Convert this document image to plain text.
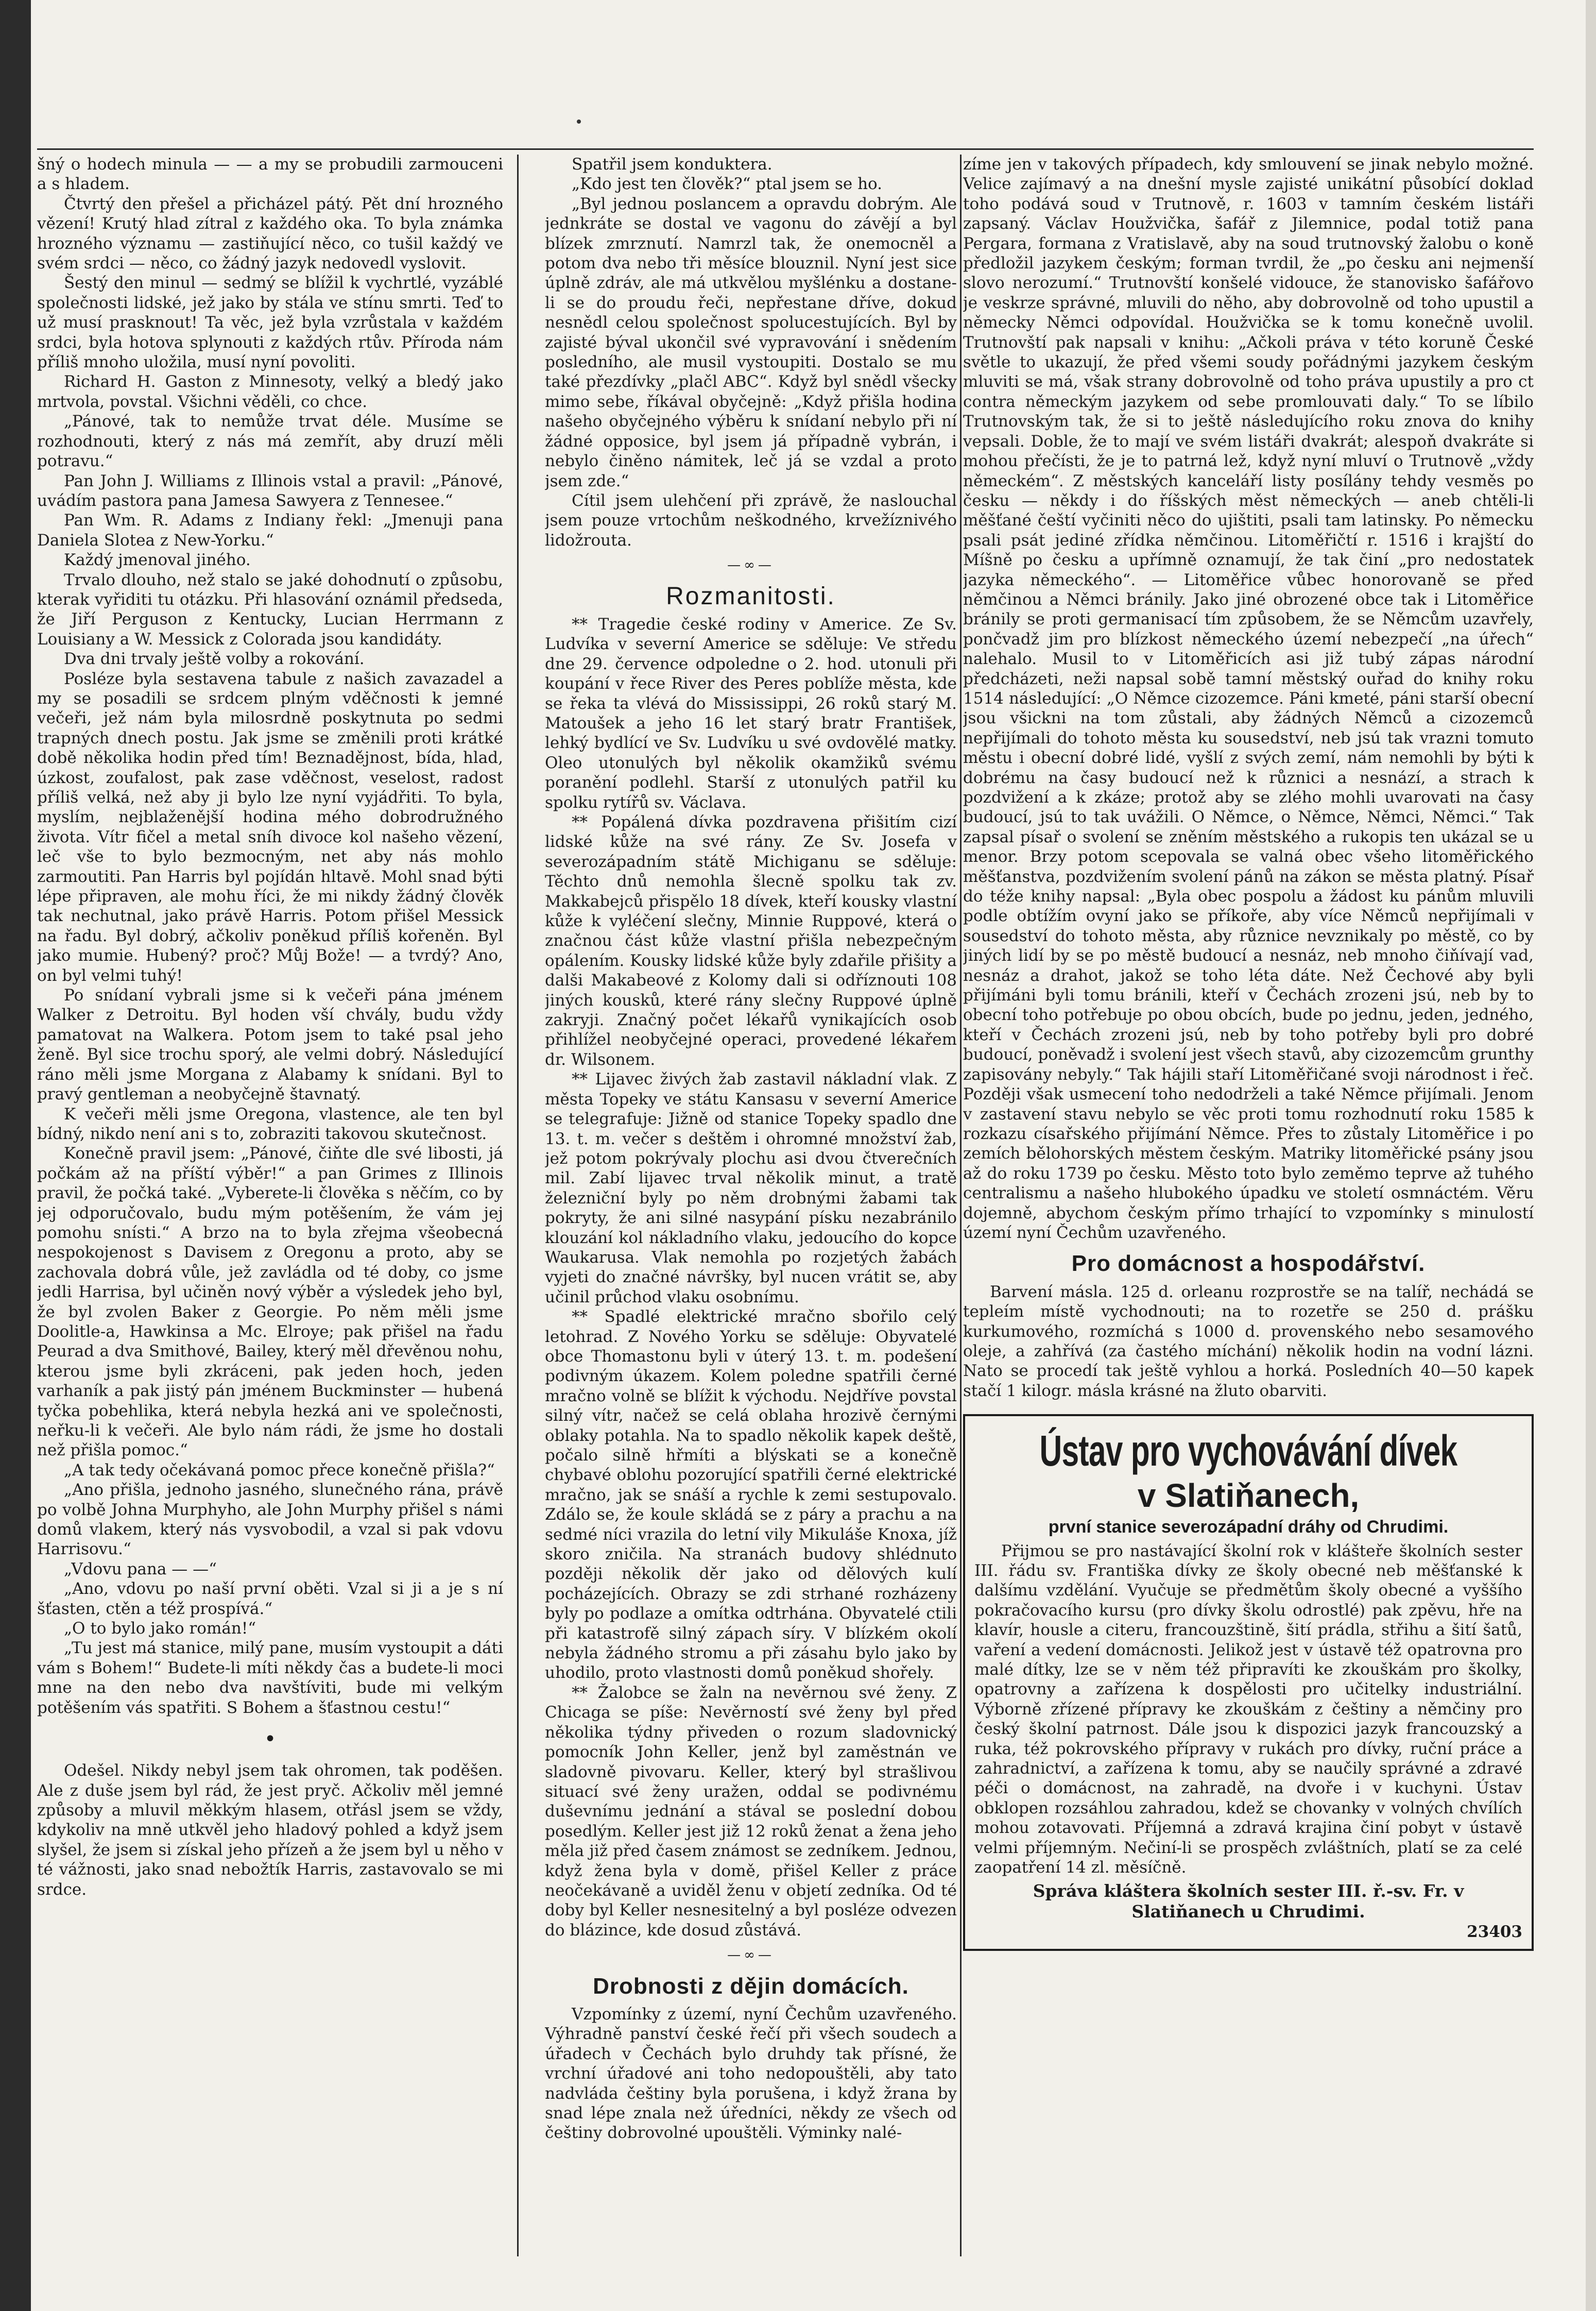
šný o hodech minula — — a my se probudili zarmouceni a s hladem.

Čtvrtý den přešel a přicházel pátý. Pět dní hrozného vězení! Krutý hlad zítral z každého oka. To byla známka hrozného významu — zastiňující něco, co tušil každý ve svém srdci — něco, co žádný jazyk nedovedl vyslovit.

Šestý den minul — sedmý se blížil k vychrtlé, vyzáblé společnosti lidské, jež jako by stála ve stínu smrti. Teď to už musí prasknout! Ta věc, jež byla vzrůstala v každém srdci, byla hotova splynouti z každých rtův. Příroda nám příliš mnoho uložila, musí nyní povoliti.

Richard H. Gaston z Minnesoty, velký a bledý jako mrtvola, povstal. Všichni věděli, co chce.

„Pánové, tak to nemůže trvat déle. Musíme se rozhodnouti, který z nás má zemřít, aby druzí měli potravu.“

Pan John J. Williams z Illinois vstal a pravil: „Pánové, uvádím pastora pana Jamesa Sawyera z Tennesee.“

Pan Wm. R. Adams z Indiany řekl: „Jmenuji pana Daniela Slotea z New-Yorku.“

Každý jmenoval jiného.

Trvalo dlouho, než stalo se jaké dohodnutí o způsobu, kterak vyřiditi tu otázku. Při hlasování oznámil předseda, že Jiří Perguson z Kentucky, Lucian Herrmann z Louisiany a W. Messick z Colorada jsou kandidáty.

Dva dni trvaly ještě volby a rokování.

Posléze byla sestavena tabule z našich zavazadel a my se posadili se srdcem plným vděčnosti k jemné večeři, jež nám byla milosrdně poskytnuta po sedmi trapných dnech postu. Jak jsme se změnili proti krátké době několika hodin před tím! Beznadějnost, bída, hlad, úzkost, zoufalost, pak zase vděčnost, veselost, radost příliš velká, než aby ji bylo lze nyní vyjádřiti. To byla, myslím, nejblaženější hodina mého dobrodružného života. Vítr fičel a metal sníh divoce kol našeho vězení, leč vše to bylo bezmocným, net aby nás mohlo zarmoutiti. Pan Harris byl pojídán hltavě. Mohl snad býti lépe připraven, ale mohu říci, že mi nikdy žádný člověk tak nechutnal, jako právě Harris. Potom přišel Messick na řadu. Byl dobrý, ačkoliv poněkud příliš kořeněn. Byl jako mumie. Hubený? proč? Můj Bože! — a tvrdý? Ano, on byl velmi tuhý!

Po snídaní vybrali jsme si k večeři pána jménem Walker z Detroitu. Byl hoden vší chvály, budu vždy pamatovat na Walkera. Potom jsem to také psal jeho ženě. Byl sice trochu sporý, ale velmi dobrý. Následující ráno měli jsme Morgana z Alabamy k snídani. Byl to pravý gentleman a neobyčejně štavnatý.

K večeři měli jsme Oregona, vlastence, ale ten byl bídný, nikdo není ani s to, zobraziti takovou skutečnost.

Konečně pravil jsem: „Pánové, čiňte dle své libosti, já počkám až na příští výběr!“ a pan Grimes z Illinois pravil, že počká také. „Vyberete-li člověka s něčím, co by jej odporučovalo, budu mým potěšením, že vám jej pomohu snísti.“ A brzo na to byla zřejma všeobecná nespokojenost s Davisem z Oregonu a proto, aby se zachovala dobrá vůle, jež zavládla od té doby, co jsme jedli Harrisa, byl učiněn nový výběr a výsledek jeho byl, že byl zvolen Baker z Georgie. Po něm měli jsme Doolitle-a, Hawkinsa a Mc. Elroye; pak přišel na řadu Peurad a dva Smithové, Bailey, který měl dřevěnou nohu, kterou jsme byli zkráceni, pak jeden hoch, jeden varhaník a pak jistý pán jménem Buckminster — hubená tyčka pobehlika, která nebyla hezká ani ve společnosti, neřku-li k večeři. Ale bylo nám rádi, že jsme ho dostali než přišla pomoc.“

„A tak tedy očekávaná pomoc přece konečně přišla?“

„Ano přišla, jednoho jasného, slunečného rána, právě po volbě Johna Murphyho, ale John Murphy přišel s námi domů vlakem, který nás vysvobodil, a vzal si pak vdovu Harrisovu.“

„Vdovu pana — —“

„Ano, vdovu po naší první oběti. Vzal si ji a je s ní šťasten, ctěn a též prospívá.“

„O to bylo jako román!“

„Tu jest má stanice, milý pane, musím vystoupit a dáti vám s Bohem!“ Budete-li míti někdy čas a budete-li moci mne na den nebo dva navštíviti, bude mi velkým potěšením vás spatřiti. S Bohem a šťastnou cestu!“

•

Odešel. Nikdy nebyl jsem tak ohromen, tak poděšen. Ale z duše jsem byl rád, že jest pryč. Ačkoliv měl jemné způsoby a mluvil měkkým hlasem, otřásl jsem se vždy, kdykoliv na mně utkvěl jeho hladový pohled a když jsem slyšel, že jsem si získal jeho přízeň a že jsem byl u něho v té vážnosti, jako snad nebožtík Harris, zastavovalo se mi srdce.

Spatřil jsem konduktera.

„Kdo jest ten člověk?“ ptal jsem se ho.

„Byl jednou poslancem a opravdu dobrým. Ale jednkráte se dostal ve vagonu do závějí a byl blízek zmrznutí. Namrzl tak, že onemocněl a potom dva nebo tři měsíce blouznil. Nyní jest sice úplně zdráv, ale má utkvělou myšlénku a dostane-li se do proudu řeči, nepřestane dříve, dokud nesnědl celou společnost spolucestujících. Byl by zajisté býval ukončil své vypravování i snědením posledního, ale musil vystoupiti. Dostalo se mu také přezdívky „plačl ABC“. Když byl snědl všecky mimo sebe, říkával obyčejně: „Když přišla hodina našeho obyčejného výběru k snídaní nebylo při ní žádné opposice, byl jsem já případně vybrán, i nebylo činěno námitek, leč já se vzdal a proto jsem zde.“

Cítil jsem ulehčení při zprávě, že naslouchal jsem pouze vrtochům neškodného, krvežíznivého lidožrouta.

—∞—
Rozmanitosti.

** Tragedie české rodiny v Americe. Ze Sv. Ludvíka v severní Americe se sděluje: Ve středu dne 29. července odpoledne o 2. hod. utonuli při koupání v řece River des Peres poblíže města, kde se řeka ta vlévá do Mississippi, 26 roků starý M. Matoušek a jeho 16 let starý bratr František, lehký bydlící ve Sv. Ludvíku u své ovdovělé matky. Oleo utonulých byl několik okamžiků svému poranění podlehl. Starší z utonulých patřil ku spolku rytířů sv. Václava.

** Popálená dívka pozdravena přišitím cizí lidské kůže na své rány. Ze Sv. Josefa v severozápadním státě Michiganu se sděluje: Těchto dnů nemohla šlecně spolku tak zv. Makkabejců přispělo 18 dívek, kteří kousky vlastní kůže k vyléčení slečny, Minnie Ruppové, která o značnou část kůže vlastní přišla nebezpečným opálením. Kousky lidské kůže byly zdařile přišity a dalši Makabeové z Kolomy dali si odříznouti 108 jiných kousků, které rány slečny Ruppové úplně zakryji. Značný počet lékařů vynikajících osob přihlížel neobyčejné operaci, provedené lékařem dr. Wilsonem.

** Lijavec živých žab zastavil nákladní vlak. Z města Topeky ve státu Kansasu v severní Americe se telegrafuje: Jižně od stanice Topeky spadlo dne 13. t. m. večer s deštěm i ohromné množství žab, jež potom pokrývaly plochu asi dvou čtverečních mil. Zabí lijavec trval několik minut, a tratě železniční byly po něm drobnými žabami tak pokryty, že ani silné nasypání písku nezabránilo klouzání kol nákladního vlaku, jedoucího do kopce Waukarusa. Vlak nemohla po rozjetých žabách vyjeti do značné návršky, byl nucen vrátit se, aby učinil průchod vlaku osobnímu.

** Spadlé elektrické mračno sbořilo celý letohrad. Z Nového Yorku se sděluje: Obyvatelé obce Thomastonu byli v úterý 13. t. m. podešení podivným úkazem. Kolem poledne spatřili černé mračno volně se blížit k východu. Nejdříve povstal silný vítr, načež se celá oblaha hrozivě černými oblaky potahla. Na to spadlo několik kapek deště, počalo silně hřmíti a blýskati se a konečně chybavé oblohu pozorující spatřili černé elektrické mračno, jak se snáší a rychle k zemi sestupovalo. Zdálo se, že koule skládá se z páry a prachu a na sedmé níci vrazila do letní vily Mikuláše Knoxa, jíž skoro zničila. Na stranách budovy shlédnuto později několik děr jako od dělových kulí pocházejících. Obrazy se zdi strhané rozházeny byly po podlaze a omítka odtrhána. Obyvatelé ctili při katastrofě silný zápach síry. V blízkém okolí nebyla žádného stromu a při zásahu bylo jako by uhodilo, proto vlastnosti domů poněkud shořely.

** Žalobce se žaln na nevěrnou své ženy. Z Chicaga se píše: Nevěrností své ženy byl před několika týdny přiveden o rozum sladovnický pomocník John Keller, jenž byl zaměstnán ve sladovně pivovaru. Keller, který byl strašlivou situací své ženy uražen, oddal se podivnému duševnímu jednání a stával se poslední dobou posedlým. Keller jest již 12 roků ženat a žena jeho měla již před časem známost se zedníkem. Jednou, když žena byla v domě, přišel Keller z práce neočekávaně a uviděl ženu v objetí zedníka. Od té doby byl Keller nesnesitelný a byl posléze odvezen do blázince, kde dosud zůstává.

—∞—
Drobnosti z dějin domácích.

Vzpomínky z území, nyní Čechům uzavřeného. Výhradně panství české řečí při všech soudech a úřadech v Čechách bylo druhdy tak přísné, že vrchní úřadové ani toho nedopouštěli, aby tato nadvláda češtiny byla porušena, i když žrana by snad lépe znala než úředníci, někdy ze všech od češtiny dobrovolné upouštěli. Výminky nalé-

zíme jen v takových případech, kdy smlouvení se jinak nebylo možné. Velice zajímavý a na dnešní mysle zajisté unikátní působící doklad toho podává soud v Trutnově, r. 1603 v tamním českém listáři zapsaný. Václav Houžvička, šafář z Jilemnice, podal totiž pana Pergara, formana z Vratislavě, aby na soud trutnovský žalobu o koně předložil jazykem českým; forman tvrdil, že „po česku ani nejmenší slovo nerozumí.“ Trutnovští konšelé vidouce, že stanovisko šafářovo je veskrze správné, mluvili do něho, aby dobrovolně od toho upustil a německy Němci odpovídal. Houžvička se k tomu konečně uvolil. Trutnovští pak napsali v knihu: „Ačkoli práva v této koruně České světle to ukazují, že před všemi soudy pořádnými jazykem českým mluviti se má, však strany dobrovolně od toho práva upustily a pro ct contra německým jazykem od sebe promlouvati daly.“ To se líbilo Trutnovským tak, že si to ještě následujícího roku znova do knihy vepsali. Doble, že to mají ve svém listáři dvakrát; alespoň dvakráte si mohou přečísti, že je to patrná lež, když nyní mluví o Trutnově „vždy německém“. Z městských kanceláří listy posílány tehdy vesměs po česku — někdy i do říšských měst německých — aneb chtěli-li měšťané čeští vyčiniti něco do ujištiti, psali tam latinsky. Po německu psali psát jediné zřídka němčinou. Litoměřičtí r. 1516 i krajští do Míšně po česku a upřímně oznamují, že tak činí „pro nedostatek jazyka německého“. — Litoměřice vůbec honorovaně se před němčinou a Němci bránily. Jako jiné obrozené obce tak i Litoměřice bránily se proti germanisací tím způsobem, že se Němcům uzavřely, pončvadž jim pro blízkost německého území nebezpečí „na úřech“ nalehalo. Musil to v Litoměřicích asi již tubý zápas národní předcházeti, neži napsal sobě tamní městský ouřad do knihy roku 1514 následující: „O Němce cizozemce. Páni kmeté, páni starší obecní jsou všickni na tom zůstali, aby žádných Němců a cizozemců nepřijímali do tohoto města ku sousedství, neb jsú tak vrazni tomuto městu i obecní dobré lidé, vyšlí z svých zemí, nám nemohli by býti k dobrému na časy budoucí než k různici a nesnází, a strach k pozdvižení a k zkáze; protož aby se zlého mohli uvarovati na časy budoucí, jsú to tak uvážili. O Němce, o Němce, Němci, Němci.“ Tak zapsal písař o svolení se zněním městského a rukopis ten ukázal se u menor. Brzy potom scepovala se valná obec všeho litoměřického měšťanstva, pozdvižením svolení pánů na zákon se města platný. Písař do téže knihy napsal: „Byla obec pospolu a žádost ku pánům mluvili podle obtížím ovyní jako se příkoře, aby více Němců nepřijímali v sousedství do tohoto města, aby různice nevznikaly po městě, co by jiných lidí by se po městě budoucí a nesnáz, neb mnoho čiňívají vad, nesnáz a drahot, jakož se toho léta dáte. Než Čechové aby byli přijímáni byli tomu bránili, kteří v Čechách zrozeni jsú, neb by to obecní toho potřebuje po obou obcích, bude po jednu, jeden, jedného, kteří v Čechách zrozeni jsú, neb by toho potřeby byli pro dobré budoucí, poněvadž i svolení jest všech stavů, aby cizozemcům grunthy zapisovány nebyly.“ Tak hájili staří Litoměřičané svoji národnost i řeč. Později však usmecení toho nedodrželi a také Němce přijímali. Jenom v zastavení stavu nebylo se věc proti tomu rozhodnutí roku 1585 k rozkazu císařského přijímání Němce. Přes to zůstaly Litoměřice i po zemích bělohorských městem českým. Matriky litoměřické psány jsou až do roku 1739 po česku. Město toto bylo zeměmo teprve až tuhého centralismu a našeho hlubokého úpadku ve století osmnáctém. Věru dojemně, abychom českým přímo trhající to vzpomínky s minulostí území nyní Čechům uzavřeného.

Pro domácnost a hospodářství.

Barvení másla. 125 d. orleanu rozprostře se na talíř, nechádá se tepleím místě vychodnouti; na to rozetře se 250 d. prášku kurkumového, rozmíchá s 1000 d. provenského nebo sesamového oleje, a zahřívá (za častého míchání) několik hodin na vodní lázni. Nato se procedí tak ještě vyhlou a horká. Posledních 40—50 kapek stačí 1 kilogr. másla krásné na žluto obarviti.

Ústav pro vychovávání dívek
v Slatiňanech,
první stanice severozápadní dráhy od Chrudimi.

Přijmou se pro nastávající školní rok v klášteře školních sester III. řádu sv. Františka dívky ze školy obecné neb měšťanské k dalšímu vzdělání. Vyučuje se předmětům školy obecné a vyššího pokračovacího kursu (pro dívky školu odrostlé) pak zpěvu, hře na klavír, housle a citeru, francouzštině, šití prádla, střihu a šití šatů, vaření a vedení domácnosti. Jelikož jest v ústavě též opatrovna pro malé dítky, lze se v něm též připravíti ke zkouškám pro školky, opatrovny a zařízena k dospělosti pro učitelky industriální. Výborně zřízené přípravy ke zkouškám z češtiny a němčiny pro český školní patrnost. Dále jsou k dispozici jazyk francouzský a ruka, též pokrovského přípravy v rukách pro dívky, ruční práce a zahradnictví, a zařízena k tomu, aby se naučily správné a zdravé péči o domácnost, na zahradě, na dvoře i v kuchyni. Ústav obklopen rozsáhlou zahradou, kdež se chovanky v volných chvílích mohou zotavovati. Příjemná a zdravá krajina činí pobyt v ústavě velmi příjemným. Nečiní-li se prospěch zvláštních, platí se za celé zaopatření 14 zl. měsíčně.

Správa kláštera školních sester III. ř.-sv. Fr. v Slatiňanech u Chrudimi.
23403
